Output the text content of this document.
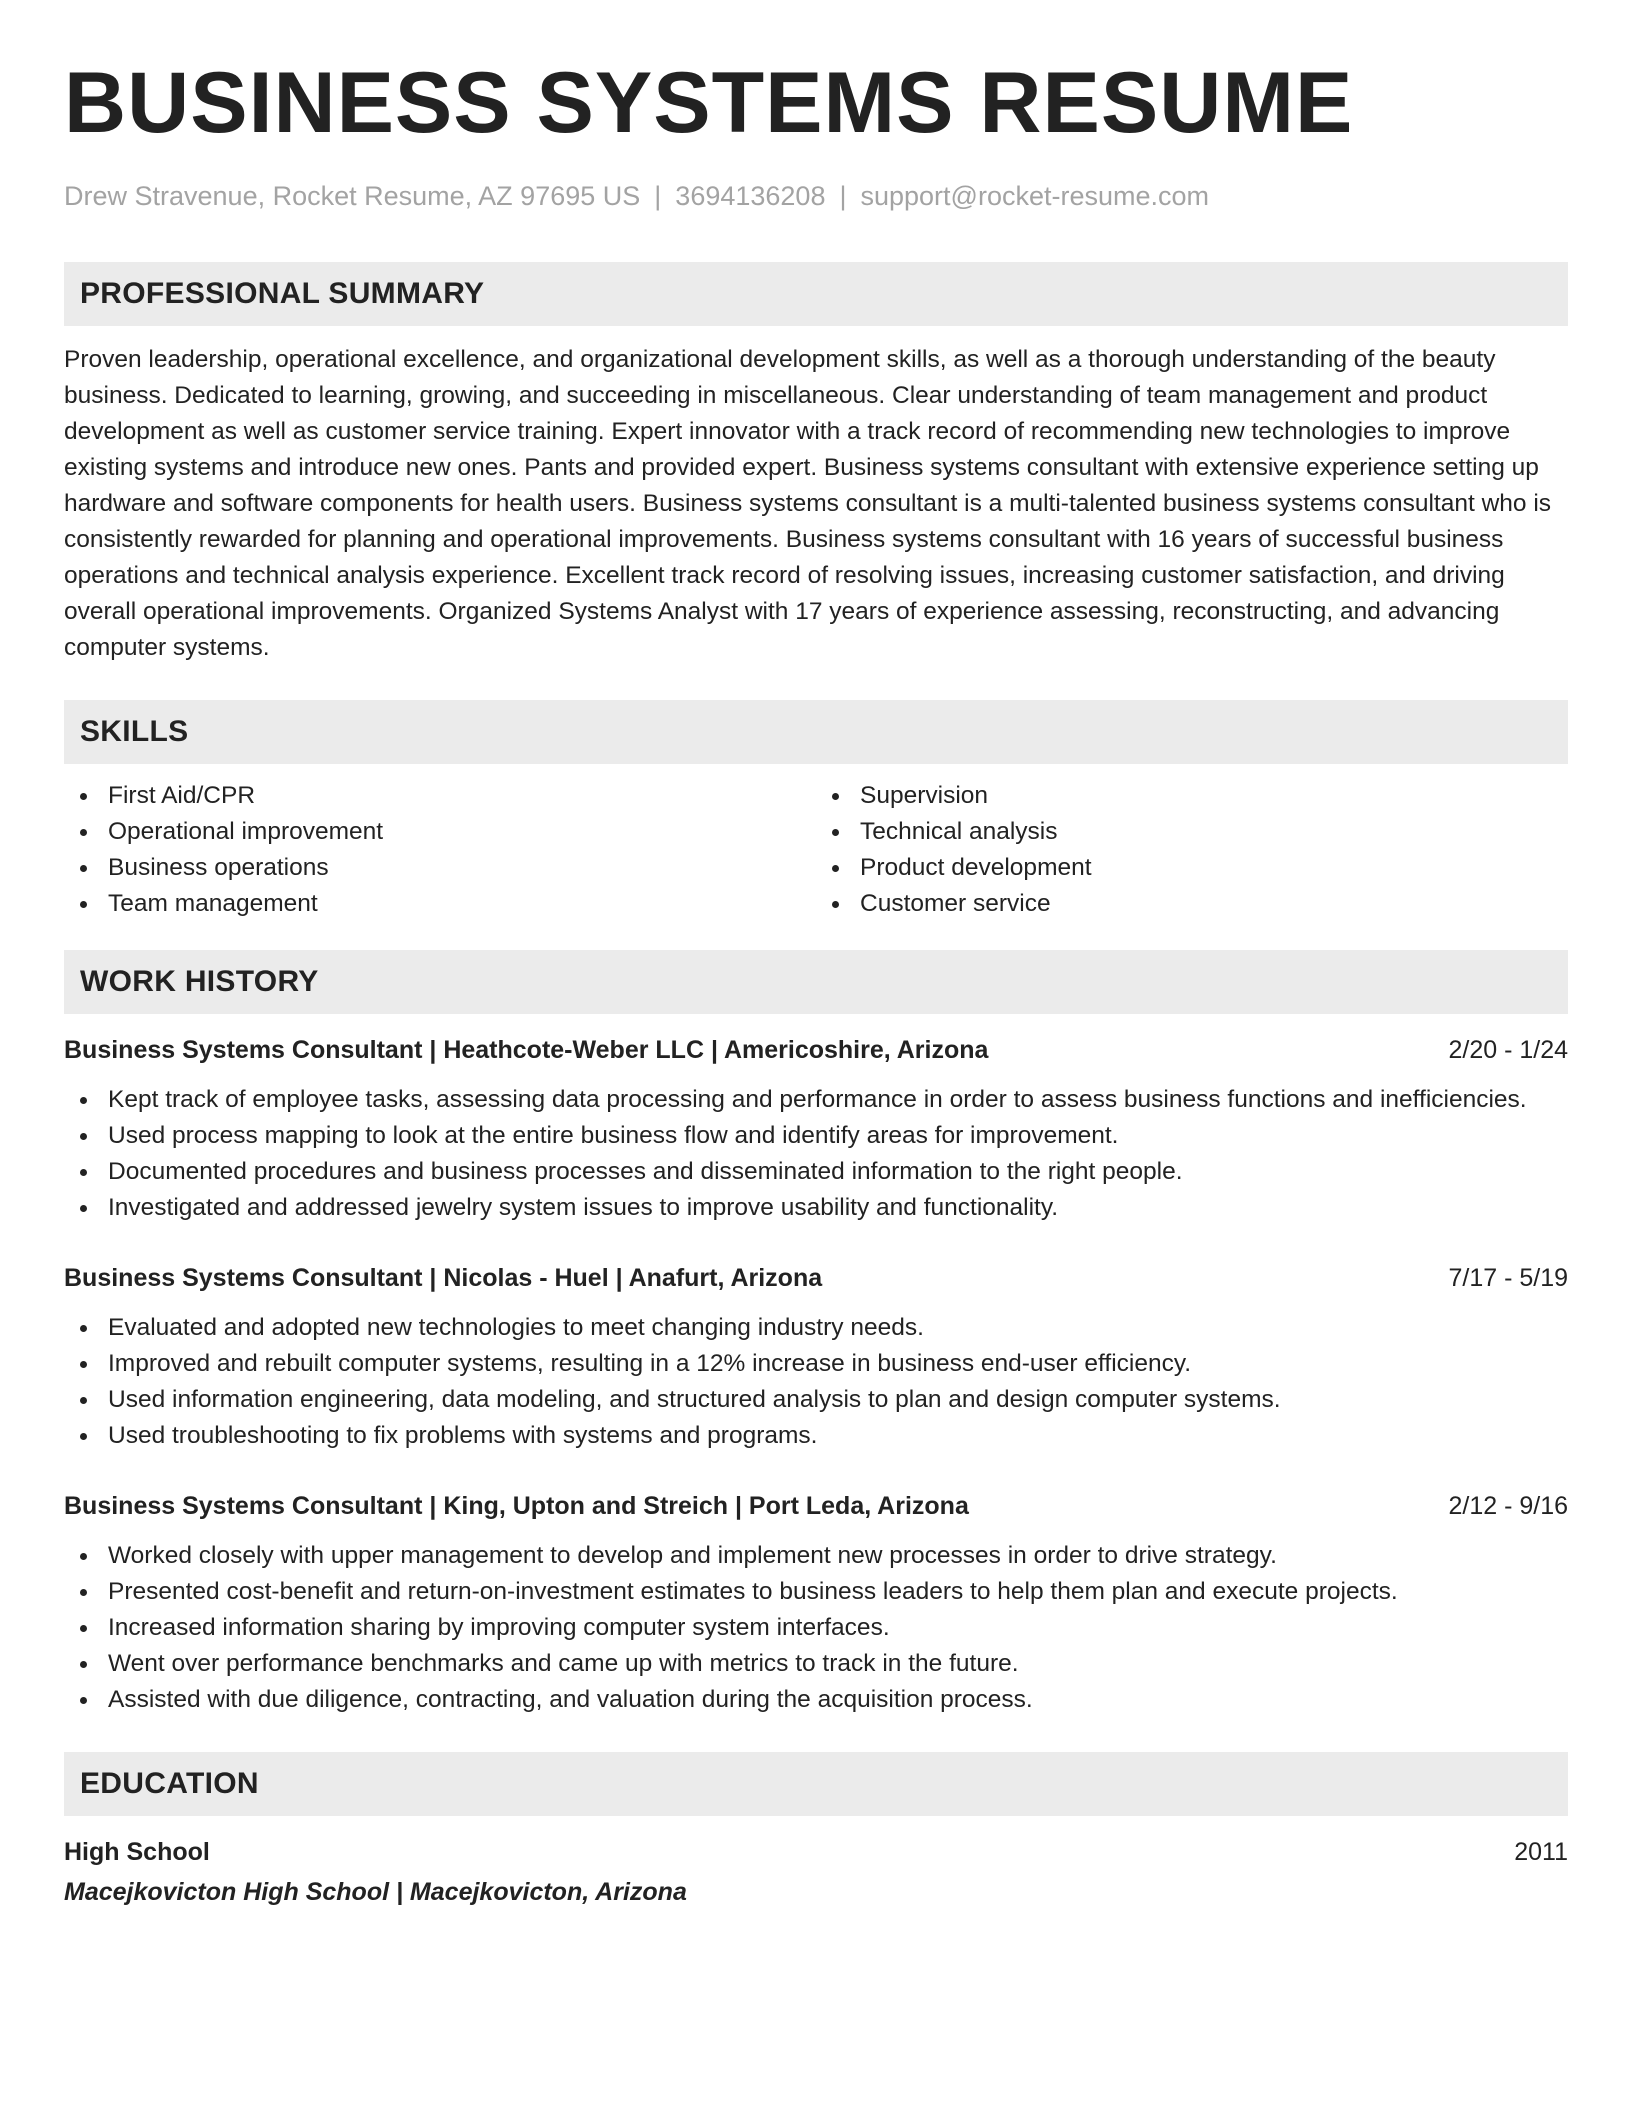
BUSINESS SYSTEMS RESUME
Drew Stravenue, Rocket Resume, AZ 97695 US | 3694136208 | support@rocket-resume.com
PROFESSIONAL SUMMARY
Proven leadership, operational excellence, and organizational development skills, as well as a thorough understanding of the beauty business. Dedicated to learning, growing, and succeeding in miscellaneous. Clear understanding of team management and product development as well as customer service training. Expert innovator with a track record of recommending new technologies to improve existing systems and introduce new ones. Pants and provided expert. Business systems consultant with extensive experience setting up hardware and software components for health users. Business systems consultant is a multi-talented business systems consultant who is consistently rewarded for planning and operational improvements. Business systems consultant with 16 years of successful business operations and technical analysis experience. Excellent track record of resolving issues, increasing customer satisfaction, and driving overall operational improvements. Organized Systems Analyst with 17 years of experience assessing, reconstructing, and advancing computer systems.
SKILLS
First Aid/CPR
Operational improvement
Business operations
Team management
Supervision
Technical analysis
Product development
Customer service
WORK HISTORY
Business Systems Consultant | Heathcote-Weber LLC | Americoshire, Arizona	2/20 - 1/24
Kept track of employee tasks, assessing data processing and performance in order to assess business functions and inefficiencies.
Used process mapping to look at the entire business flow and identify areas for improvement.
Documented procedures and business processes and disseminated information to the right people.
Investigated and addressed jewelry system issues to improve usability and functionality.
Business Systems Consultant | Nicolas - Huel | Anafurt, Arizona	7/17 - 5/19
Evaluated and adopted new technologies to meet changing industry needs.
Improved and rebuilt computer systems, resulting in a 12% increase in business end-user efficiency.
Used information engineering, data modeling, and structured analysis to plan and design computer systems.
Used troubleshooting to fix problems with systems and programs.
Business Systems Consultant | King, Upton and Streich | Port Leda, Arizona	2/12 - 9/16
Worked closely with upper management to develop and implement new processes in order to drive strategy.
Presented cost-benefit and return-on-investment estimates to business leaders to help them plan and execute projects.
Increased information sharing by improving computer system interfaces.
Went over performance benchmarks and came up with metrics to track in the future.
Assisted with due diligence, contracting, and valuation during the acquisition process.
EDUCATION
High School	2011
Macejkovicton High School | Macejkovicton, Arizona
